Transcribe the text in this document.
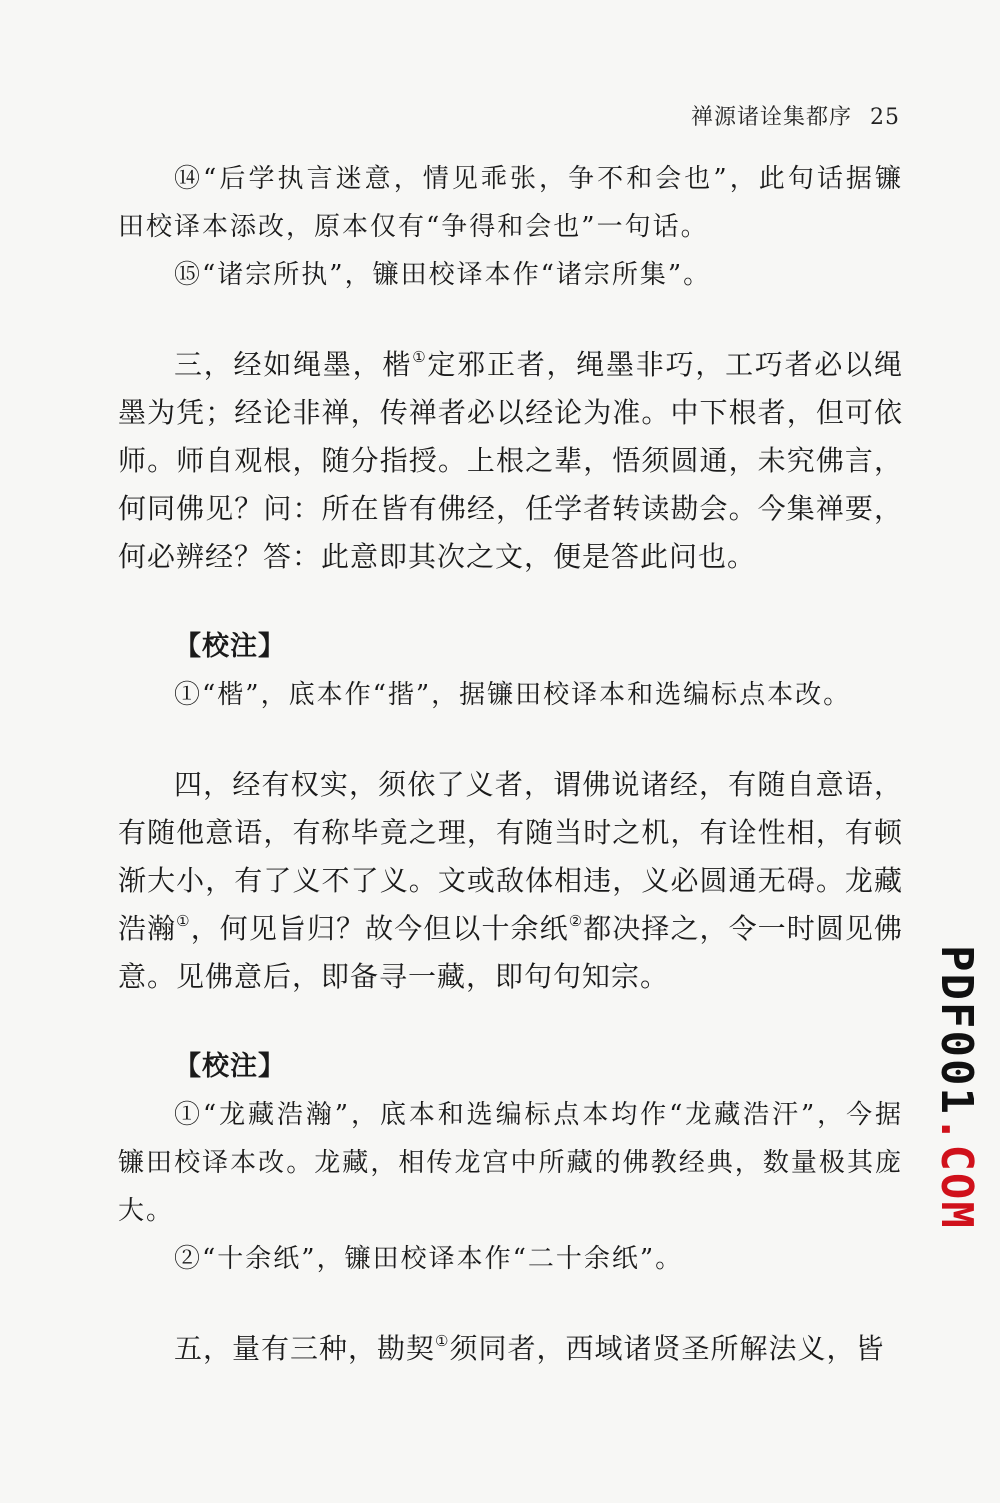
禅源诸诠集都序 25

⑭“后学执言迷意，情见乖张，争不和会也”，此句话据镰田校译本添改，原本仅有“争得和会也”一句话。

⑮“诸宗所执”，镰田校译本作“诸宗所集”。

三，经如绳墨，楷①定邪正者，绳墨非巧，工巧者必以绳墨为凭；经论非禅，传禅者必以经论为准。中下根者，但可依师。师自观根，随分指授。上根之辈，悟须圆通，未究佛言，何同佛见？问：所在皆有佛经，任学者转读勘会。今集禅要，何必辨经？答：此意即其次之文，便是答此问也。

【校注】

①“楷”，底本作“揩”，据镰田校译本和选编标点本改。

四，经有权实，须依了义者，谓佛说诸经，有随自意语，有随他意语，有称毕竟之理，有随当时之机，有诠性相，有顿渐大小，有了义不了义。文或敌体相违，义必圆通无碍。龙藏浩瀚①，何见旨归？故今但以十余纸②都决择之，令一时圆见佛意。见佛意后，即备寻一藏，即句句知宗。

【校注】

①“龙藏浩瀚”，底本和选编标点本均作“龙藏浩汗”，今据镰田校译本改。龙藏，相传龙宫中所藏的佛教经典，数量极其庞大。

②“十余纸”，镰田校译本作“二十余纸”。

五，量有三种，勘契①须同者，西域诸贤圣所解法义，皆

PDF001.COM
